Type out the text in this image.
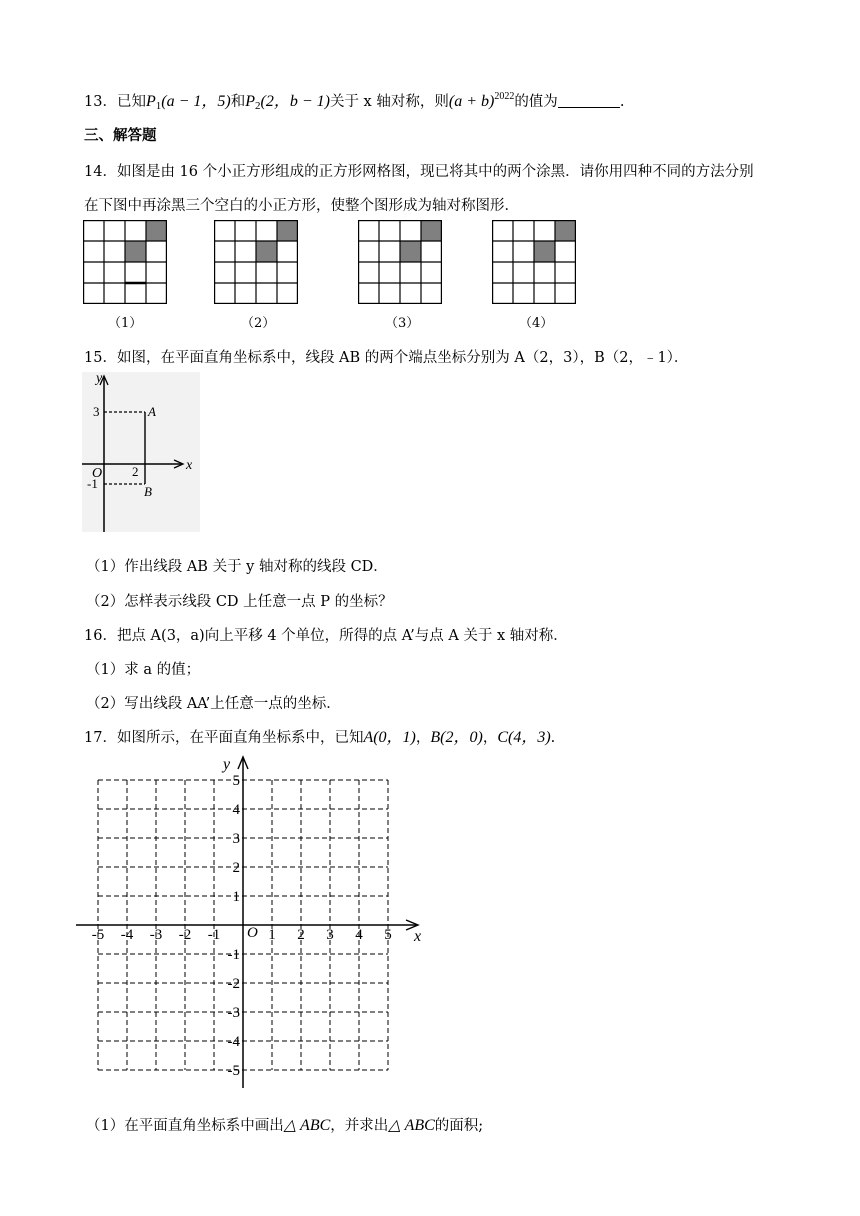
13．已知$P_1(a - 1$，5)和$P_2(2$，b − 1)关于 x 轴对称，则$(a + b)^{2022}$的值为	.
三、解答题
14．如图是由 16 个小正方形组成的正方形网格图，现已将其中的两个涂黑．请你用四种不同的方法分别
在下图中再涂黑三个空白的小正方形，使整个图形成为轴对称图形．
（1）	（2）	（3）	（4）
15．如图，在平面直角坐标系中，线段 AB 的两个端点坐标分别为 A（2，3），B（2，﹣1）．
y
x
O
3
2
-1
A
B
（1）作出线段 AB 关于 y 轴对称的线段 CD．
（2）怎样表示线段 CD 上任意一点 P 的坐标？
16．把点 A(3，a)向上平移 4 个单位，所得的点 A’与点 A 关于 x 轴对称．
（1）求 a 的值；
（2）写出线段 AA’上任意一点的坐标．
17．如图所示，在平面直角坐标系中，已知A(0，1)，B(2，0)，C(4，3).
x
y
O
-5 -4 -3 -2 -1	1 2 3 4 5
5
4
3
2
1
-1
-2
-3
-4
-5
（1）在平面直角坐标系中画出△ ABC，并求出△ ABC的面积;
